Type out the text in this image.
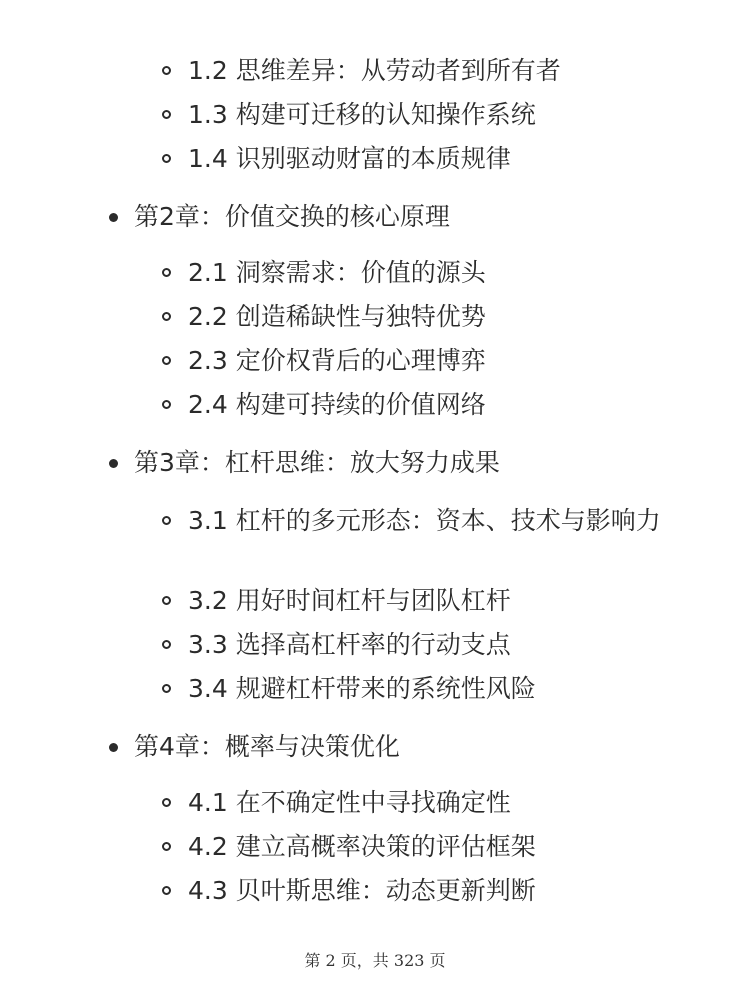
1.2 思维差异：从劳动者到所有者
1.3 构建可迁移的认知操作系统
1.4 识别驱动财富的本质规律
第2章：价值交换的核心原理
2.1 洞察需求：价值的源头
2.2 创造稀缺性与独特优势
2.3 定价权背后的心理博弈
2.4 构建可持续的价值网络
第3章：杠杆思维：放大努力成果
3.1 杠杆的多元形态：资本、技术与影响力
3.2 用好时间杠杆与团队杠杆
3.3 选择高杠杆率的行动支点
3.4 规避杠杆带来的系统性风险
第4章：概率与决策优化
4.1 在不确定性中寻找确定性
4.2 建立高概率决策的评估框架
4.3 贝叶斯思维：动态更新判断
第 2 页，共 323 页
